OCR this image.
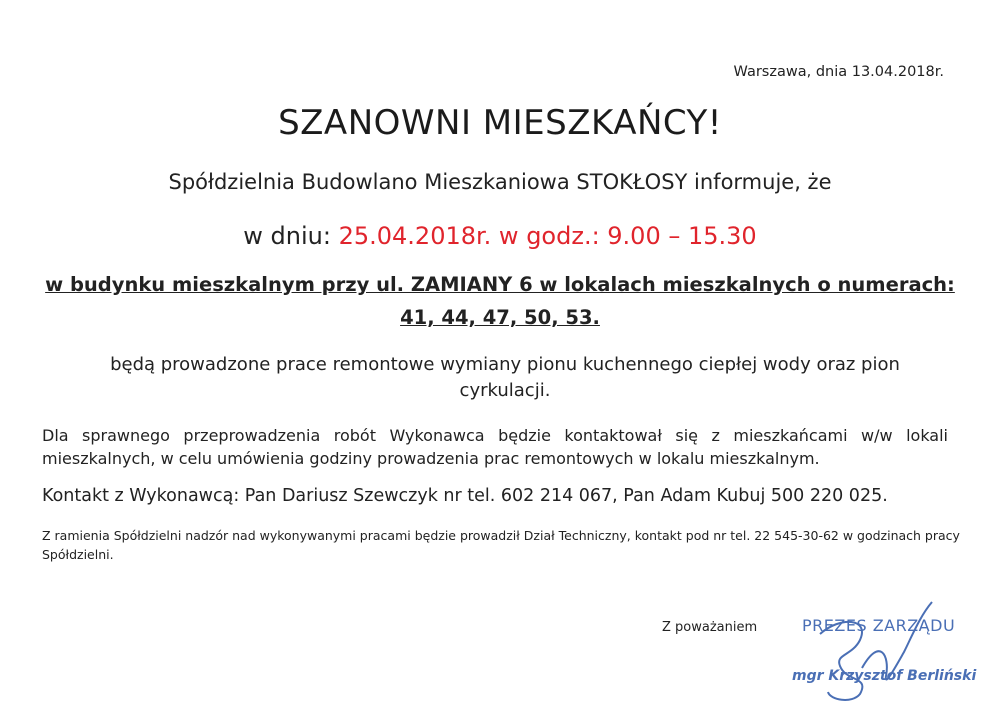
Warszawa, dnia 13.04.2018r.
SZANOWNI MIESZKAŃCY!
Spółdzielnia Budowlano Mieszkaniowa STOKŁOSY informuje, że
w dniu: 25.04.2018r. w godz.: 9.00 – 15.30
w budynku mieszkalnym przy ul. ZAMIANY 6 w lokalach mieszkalnych o numerach:
41, 44, 47, 50, 53.
będą prowadzone prace remontowe wymiany pionu kuchennego ciepłej wody oraz pion cyrkulacji.
Dla sprawnego przeprowadzenia robót Wykonawca będzie kontaktował się z mieszkańcami w/w lokali mieszkalnych, w celu umówienia godziny prowadzenia prac remontowych w lokalu mieszkalnym.
Kontakt z Wykonawcą: Pan Dariusz Szewczyk nr tel. 602 214 067, Pan Adam Kubuj 500 220 025.
Z ramienia Spółdzielni nadzór nad wykonywanymi pracami będzie prowadził Dział Techniczny, kontakt pod nr tel. 22 545-30-62 w godzinach pracy Spółdzielni.
Z poważaniem	PREZES ZARZĄDU
mgr Krzysztof Berliński
